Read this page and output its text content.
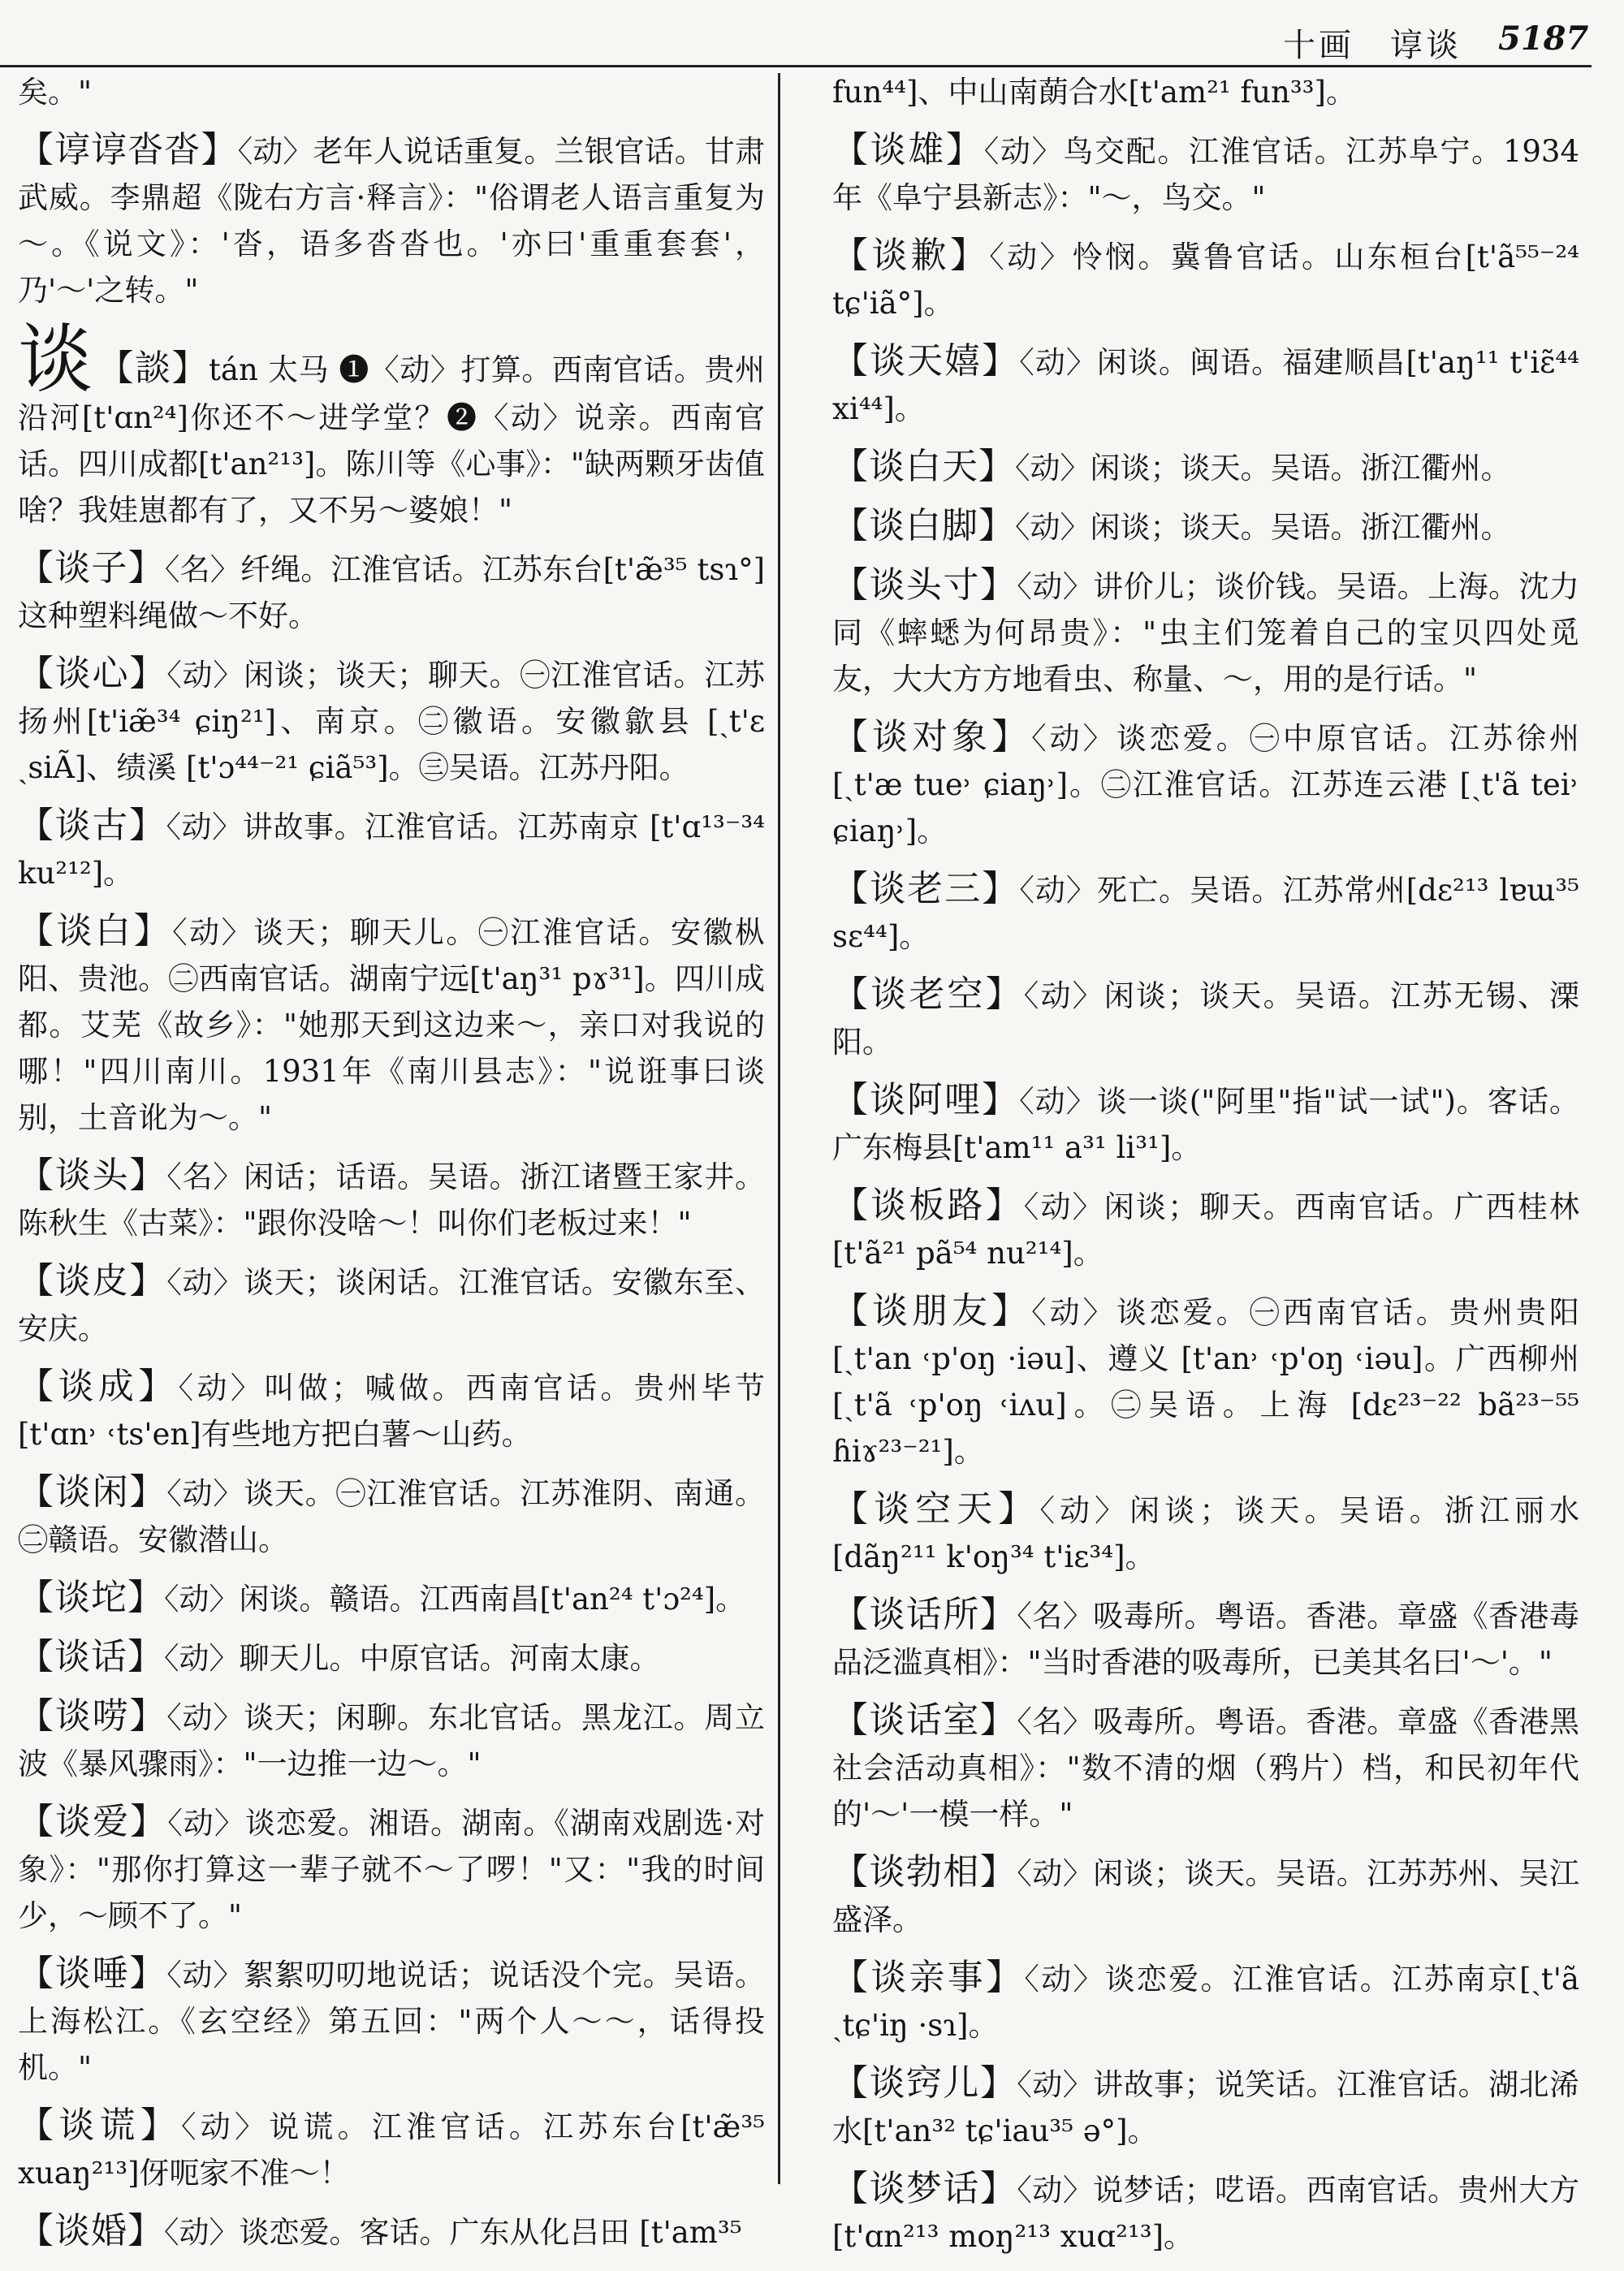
十画　谆谈 5187
矣。"
【谆谆沓沓】〈动〉老年人说话重复。兰银官话。甘肃武威。李鼎超《陇右方言·释言》："俗谓老人语言重复为～。《说文》：'沓，语多沓沓也。'亦曰'重重套套'，乃'～'之转。"
谈 【談】tán 太马 ❶〈动〉打算。西南官话。贵州沿河[t'ɑn²⁴]你还不～进学堂？❷〈动〉说亲。西南官话。四川成都[t'an²¹³]。陈川等《心事》："缺两颗牙齿值啥？我娃崽都有了，又不另～婆娘！"
【谈子】〈名〉纤绳。江淮官话。江苏东台[t'æ̃³⁵ tsɿ°]这种塑料绳做～不好。
【谈心】〈动〉闲谈；谈天；聊天。㊀江淮官话。江苏扬州[t'iæ̃³⁴ ɕiŋ²¹]、南京。㊁徽语。安徽歙县 [ˏt'ɛ ˏsiÃ]、绩溪 [t'ɔ⁴⁴⁻²¹ ɕiã⁵³]。㊂吴语。江苏丹阳。
【谈古】〈动〉讲故事。江淮官话。江苏南京 [t'ɑ¹³⁻³⁴ ku²¹²]。
【谈白】〈动〉谈天；聊天儿。㊀江淮官话。安徽枞阳、贵池。㊁西南官话。湖南宁远[t'aŋ³¹ pɤ³¹]。四川成都。艾芜《故乡》："她那天到这边来～，亲口对我说的哪！"四川南川。1931年《南川县志》："说诳事曰谈别，土音讹为～。"
【谈头】〈名〉闲话；话语。吴语。浙江诸暨王家井。陈秋生《古菜》："跟你没啥～！叫你们老板过来！"
【谈皮】〈动〉谈天；谈闲话。江淮官话。安徽东至、安庆。
【谈成】〈动〉叫做；喊做。西南官话。贵州毕节[t'ɑn˒ ˓ts'en]有些地方把白薯～山药。
【谈闲】〈动〉谈天。㊀江淮官话。江苏淮阴、南通。㊁赣语。安徽潜山。
【谈坨】〈动〉闲谈。赣语。江西南昌[t'an²⁴ t'ɔ²⁴]。
【谈话】〈动〉聊天儿。中原官话。河南太康。
【谈唠】〈动〉谈天；闲聊。东北官话。黑龙江。周立波《暴风骤雨》："一边推一边～。"
【谈爱】〈动〉谈恋爱。湘语。湖南。《湖南戏剧选·对象》："那你打算这一辈子就不～了啰！"又："我的时间少，～顾不了。"
【谈唾】〈动〉絮絮叨叨地说话；说话没个完。吴语。上海松江。《玄空经》第五回："两个人～～，话得投机。"
【谈谎】〈动〉说谎。江淮官话。江苏东台[t'æ̃³⁵ xuaŋ²¹³]伢呃家不准～！
【谈婚】〈动〉谈恋爱。客话。广东从化吕田 [t'am³⁵
fun⁴⁴]、中山南蓢合水[t'am²¹ fun³³]。
【谈雄】〈动〉鸟交配。江淮官话。江苏阜宁。1934年《阜宁县新志》："～，鸟交。"
【谈歉】〈动〉怜悯。冀鲁官话。山东桓台[t'ã⁵⁵⁻²⁴ tɕ'iã°]。
【谈天嬉】〈动〉闲谈。闽语。福建顺昌[t'aŋ¹¹ t'iɛ̃⁴⁴ xi⁴⁴]。
【谈白天】〈动〉闲谈；谈天。吴语。浙江衢州。
【谈白脚】〈动〉闲谈；谈天。吴语。浙江衢州。
【谈头寸】〈动〉讲价儿；谈价钱。吴语。上海。沈力同《蟀蟋为何昂贵》："虫主们笼着自己的宝贝四处觅友，大大方方地看虫、称量、～，用的是行话。"
【谈对象】〈动〉谈恋爱。㊀中原官话。江苏徐州[ˏt'æ tue˒ ɕiaŋ˒]。㊁江淮官话。江苏连云港 [ˏt'ã tei˒ ɕiaŋ˒]。
【谈老三】〈动〉死亡。吴语。江苏常州[dɛ²¹³ lɐɯ³⁵ sɛ⁴⁴]。
【谈老空】〈动〉闲谈；谈天。吴语。江苏无锡、溧阳。
【谈阿哩】〈动〉谈一谈("阿里"指"试一试")。客话。广东梅县[t'am¹¹ a³¹ li³¹]。
【谈板路】〈动〉闲谈；聊天。西南官话。广西桂林[t'ã²¹ pã⁵⁴ nu²¹⁴]。
【谈朋友】〈动〉谈恋爱。㊀西南官话。贵州贵阳[ˏt'an ˓p'oŋ ·iəu]、遵义 [t'an˒ ˓p'oŋ ˓iəu]。广西柳州[ˏt'ã ˓p'oŋ ˓iʌu]。㊁吴语。上海 [dɛ²³⁻²² bã²³⁻⁵⁵ ɦiɤ²³⁻²¹]。
【谈空天】〈动〉闲谈；谈天。吴语。浙江丽水[dãŋ²¹¹ k'oŋ³⁴ t'iɛ³⁴]。
【谈话所】〈名〉吸毒所。粤语。香港。章盛《香港毒品泛滥真相》："当时香港的吸毒所，已美其名曰'～'。"
【谈话室】〈名〉吸毒所。粤语。香港。章盛《香港黑社会活动真相》："数不清的烟（鸦片）档，和民初年代的'～'一模一样。"
【谈勃相】〈动〉闲谈；谈天。吴语。江苏苏州、吴江盛泽。
【谈亲事】〈动〉谈恋爱。江淮官话。江苏南京[ˏt'ã ˏtɕ'iŋ ·sɿ]。
【谈窍儿】〈动〉讲故事；说笑话。江淮官话。湖北浠水[t'an³² tɕ'iau³⁵ ə°]。
【谈梦话】〈动〉说梦话；呓语。西南官话。贵州大方[t'ɑn²¹³ moŋ²¹³ xuɑ²¹³]。
